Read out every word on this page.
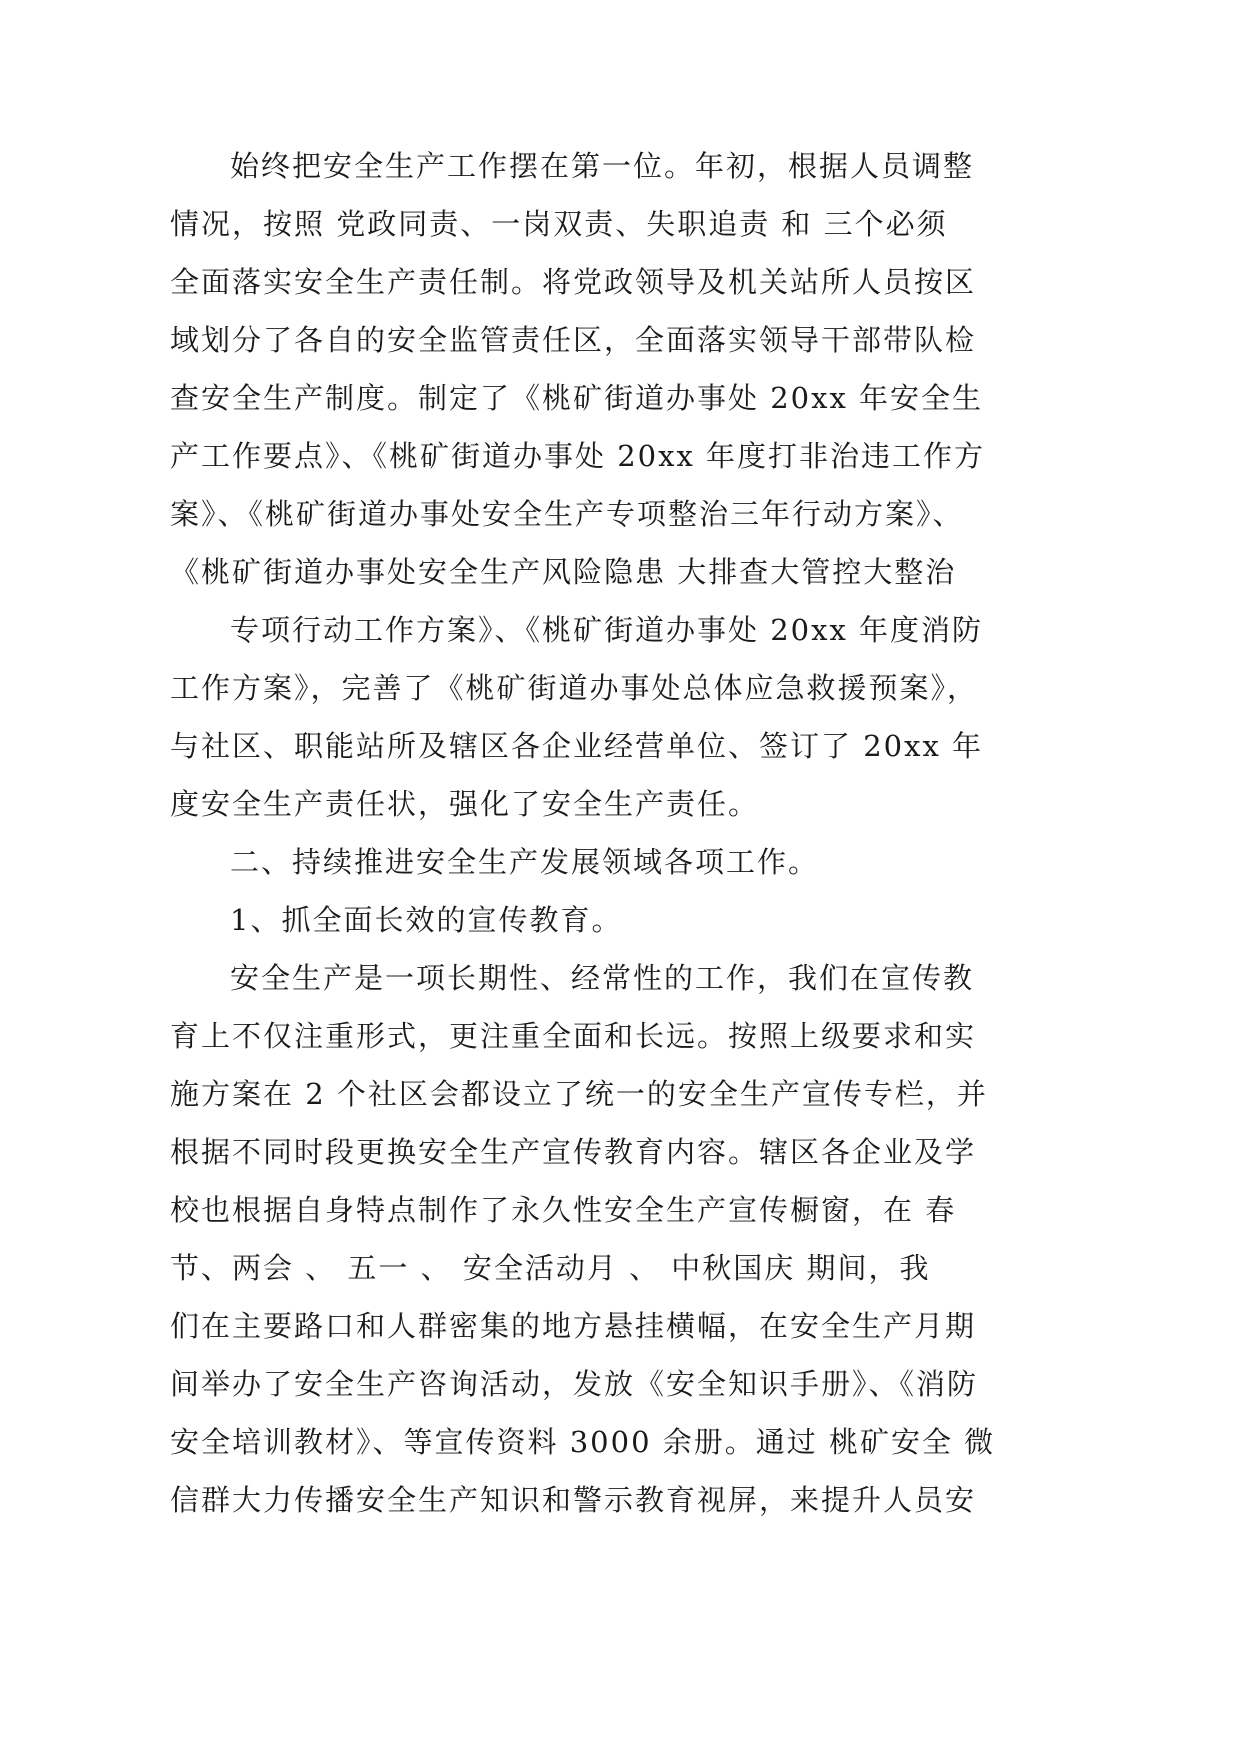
始终把安全生产工作摆在第一位。年初，根据人员调整

情况，按照 党政同责、一岗双责、失职追责 和 三个必须

全面落实安全生产责任制。将党政领导及机关站所人员按区

域划分了各自的安全监管责任区，全面落实领导干部带队检

查安全生产制度。制定了《桃矿街道办事处 20xx 年安全生

产工作要点》、《桃矿街道办事处 20xx 年度打非治违工作方

案》、《桃矿街道办事处安全生产专项整治三年行动方案》、

《桃矿街道办事处安全生产风险隐患 大排查大管控大整治

专项行动工作方案》、《桃矿街道办事处 20xx 年度消防

工作方案》，完善了《桃矿街道办事处总体应急救援预案》，

与社区、职能站所及辖区各企业经营单位、签订了 20xx 年

度安全生产责任状，强化了安全生产责任。

二、持续推进安全生产发展领域各项工作。

1、抓全面长效的宣传教育。

安全生产是一项长期性、经常性的工作，我们在宣传教

育上不仅注重形式，更注重全面和长远。按照上级要求和实

施方案在 2 个社区会都设立了统一的安全生产宣传专栏，并

根据不同时段更换安全生产宣传教育内容。辖区各企业及学

校也根据自身特点制作了永久性安全生产宣传橱窗，在 春

节、两会 、 五一 、 安全活动月 、 中秋国庆 期间，我

们在主要路口和人群密集的地方悬挂横幅，在安全生产月期

间举办了安全生产咨询活动，发放《安全知识手册》、《消防

安全培训教材》、等宣传资料 3000 余册。通过 桃矿安全 微

信群大力传播安全生产知识和警示教育视屏，来提升人员安
